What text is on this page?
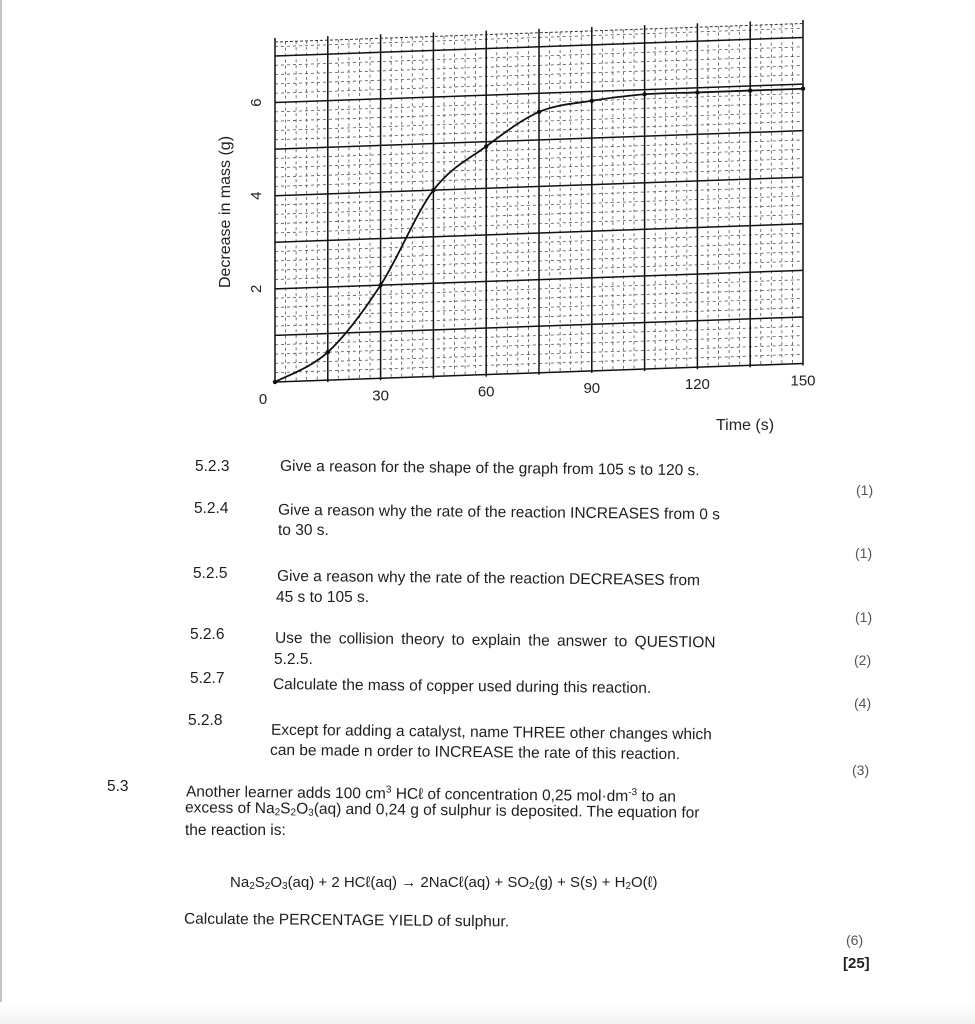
0	30	60	90	120	150
2
4
6
Decrease in mass (g)
Time (s)
5.2.3	Give a reason for the shape of the graph from 105 s to 120 s.
(1)
5.2.4	Give a reason why the rate of the reaction INCREASES from 0 s
to 30 s.
(1)
5.2.5	Give a reason why the rate of the reaction DECREASES from
45 s to 105 s.
(1)
5.2.6	Use the collision theory to explain the answer to QUESTION
5.2.5.	(2)
5.2.7	Calculate the mass of copper used during this reaction.
(4)
5.2.8
Except for adding a catalyst, name THREE other changes which
can be made n order to INCREASE the rate of this reaction.
(3)
5.3	Another learner adds 100 $cm^3$ HCℓ of concentration 0,25 $mol\cdot dm^{-3}$ to an
excess of $Na_2S_2O_3(aq)$ and 0,24 g of sulphur is deposited. The equation for
the reaction is:
$Na_2S_2O_3(aq) + 2$ HCℓ(aq) → 2NaCℓ(aq) + $SO_2(g) + S(s)$ + $H_2O(\ell)$
Calculate the PERCENTAGE YIELD of sulphur.
(6)
[25]
